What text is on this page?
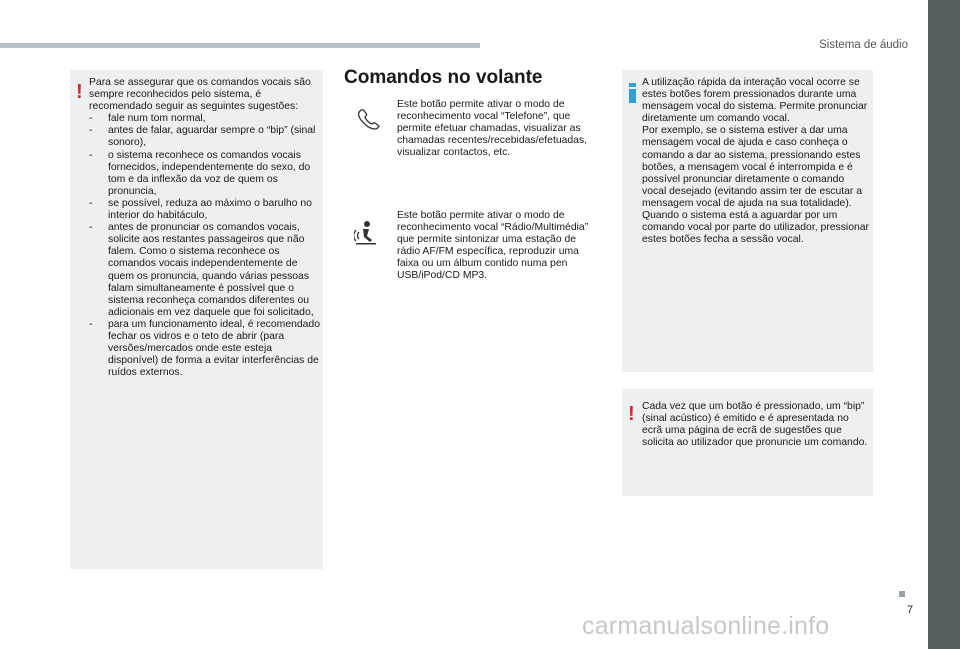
Sistema de áudio
7
! Para se assegurar que os comandos vocais são sempre reconhecidos pelo sistema, é recomendado seguir as seguintes sugestões:

- fale num tom normal,
- antes de falar, aguardar sempre o “bip” (sinal sonoro),
- o sistema reconhece os comandos vocais fornecidos, independentemente do sexo, do tom e da inflexão da voz de quem os pronuncia,
- se possível, reduza ao máximo o barulho no interior do habitáculo,
- antes de pronunciar os comandos vocais, solicite aos restantes passageiros que não falem. Como o sistema reconhece os comandos vocais independentemente de quem os pronuncia, quando várias pessoas falam simultaneamente é possível que o sistema reconheça comandos diferentes ou adicionais em vez daquele que foi solicitado,
- para um funcionamento ideal, é recomendado fechar os vidros e o teto de abrir (para versões/mercados onde este esteja disponível) de forma a evitar interferências de ruídos externos.
Comandos no volante

Este botão permite ativar o modo de reconhecimento vocal “Telefone”, que permite efetuar chamadas, visualizar as chamadas recentes/recebidas/efetuadas, visualizar contactos, etc.

Este botão permite ativar o modo de reconhecimento vocal “Rádio/Multimédia” que permite sintonizar uma estação de rádio AF/FM específica, reproduzir uma faixa ou um álbum contido numa pen USB/iPod/CD MP3.

A utilização rápida da interação vocal ocorre se estes botões forem pressionados durante uma mensagem vocal do sistema. Permite pronunciar diretamente um comando vocal.

Por exemplo, se o sistema estiver a dar uma mensagem vocal de ajuda e caso conheça o comando a dar ao sistema, pressionando estes botões, a mensagem vocal é interrompida e é possível pronunciar diretamente o comando vocal desejado (evitando assim ter de escutar a mensagem vocal de ajuda na sua totalidade).

Quando o sistema está a aguardar por um comando vocal por parte do utilizador, pressionar estes botões fecha a sessão vocal.

! Cada vez que um botão é pressionado, um “bip” (sinal acústico) é emitido e é apresentada no ecrã uma página de ecrã de sugestões que solicita ao utilizador que pronuncie um comando.

carmanualsonline.info
